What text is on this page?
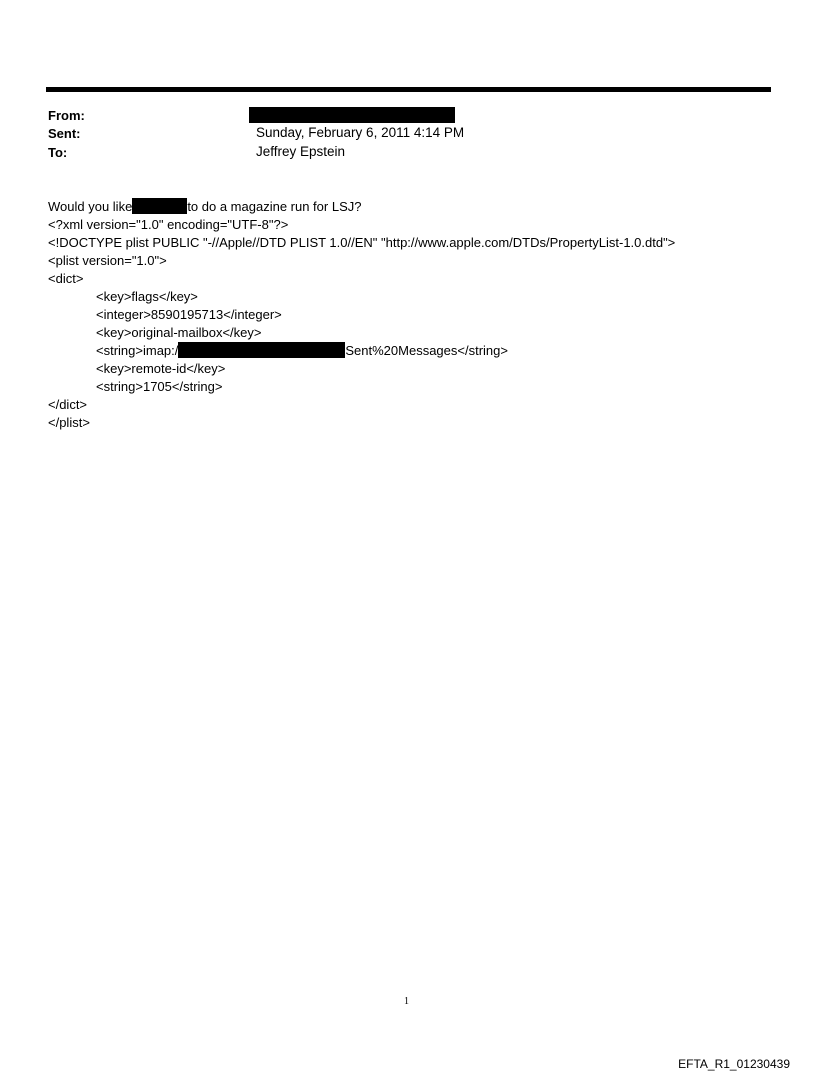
From:
Sent:	Sunday, February 6, 2011 4:14 PM
To:	Jeffrey Epstein
Would you like	to do a magazine run for LSJ?
<?xml version="1.0" encoding="UTF-8"?>
<!DOCTYPE plist PUBLIC "-//Apple//DTD PLIST 1.0//EN" "http://www.apple.com/DTDs/PropertyList-1.0.dtd">
<plist version="1.0">
<dict>
<key>flags</key>
<integer>8590195713</integer>
<key>original-mailbox</key>
<string>imap:/	Sent%20Messages</string>
<key>remote-id</key>
<string>1705</string>
</dict>
</plist>
1
EFTA_R1_01230439
